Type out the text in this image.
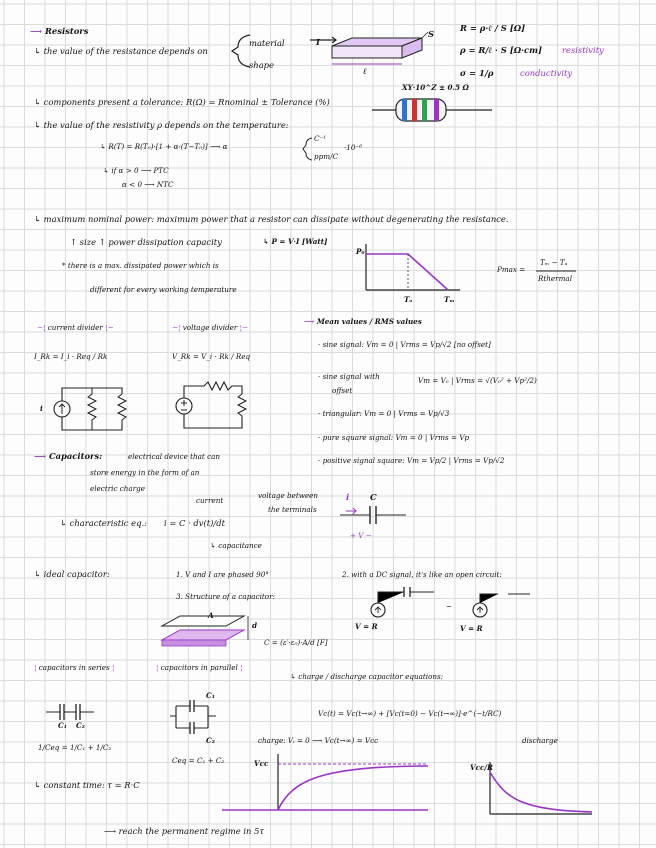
⟶ Resistors
↳ the value of the resistance depends on
material
shape
I
S
ℓ
R = ρ·ℓ / S [Ω]
ρ = R/ℓ · S [Ω·cm] resistivity
σ = 1/ρ	conductivity
↳ components present a tolerance: R(Ω) = Rnominal ± Tolerance (%)
XY·10^Z ± 0.5 Ω
↳ the value of the resistivity ρ depends on the temperature:
↳ R(T) = R(T₀)·[1 + α·(T−T₀)] ⟶ α
C⁻¹
ppm/C
·10⁻⁶
↳ if α > 0 ⟶ PTC
α < 0 ⟶ NTC
↳ maximum nominal power: maximum power that a resistor can dissipate without degenerating the resistance.
↑ size ↑ power dissipation capacity	↳ P = V·I [Watt]
* there is a max. dissipated power which is
different for every working temperature
P₀
Tₐ	Tₘ
Pmax =
Tₘ − Tₐ
Rthermal
−¦ current divider ¦−
I_Rk = I_i · Req / Rk
−¦ voltage divider ¦−
V_Rk = V_i · Rk / Req
i
⟶ Mean values / RMS values
· sine signal: Vm = 0 | Vrms = Vp/√2 [no offset]
· sine signal with
offset
Vm = V₀ | Vrms = √(V₀² + Vp²/2)
· triangular: Vm = 0 | Vrms = Vp/√3
· pure square signal: Vm = 0 | Vrms = Vp
· positive signal square: Vm = Vp/2 | Vrms = Vp/√2
⟶ Capacitors:	electrical device that can
store energy in the form of an
electric charge
current
voltage between
the terminals
↳ characteristic eq.: i = C · dv(t)/dt
↳ capacitance
i C
+ V −
↳ ideal capacitor:	1. V and I are phased 90°	2. with a DC signal, it's like an open circuit:
3. Structure of a capacitor:
~
V = R	V = R
A
d
C = (ε′·ε₀)·A/d [F]
¦ capacitors in series ¦	¦ capacitors in parallel ¦
C₁ C₂
1/Ceq = 1/C₁ + 1/C₂
C₁
C₂
Ceq = C₁ + C₂
↳ charge / discharge capacitor equations:
Vc(t) = Vc(t→∞) + [Vc(t=0) − Vc(t→∞)]·e^(−t/RC)
charge: Vᵢ = 0 ⟶ Vc(t→∞) = Vcc	discharge
Vcc	Vcc/R
↳ constant time: τ = R·C
⟶ reach the permanent regime in 5τ
